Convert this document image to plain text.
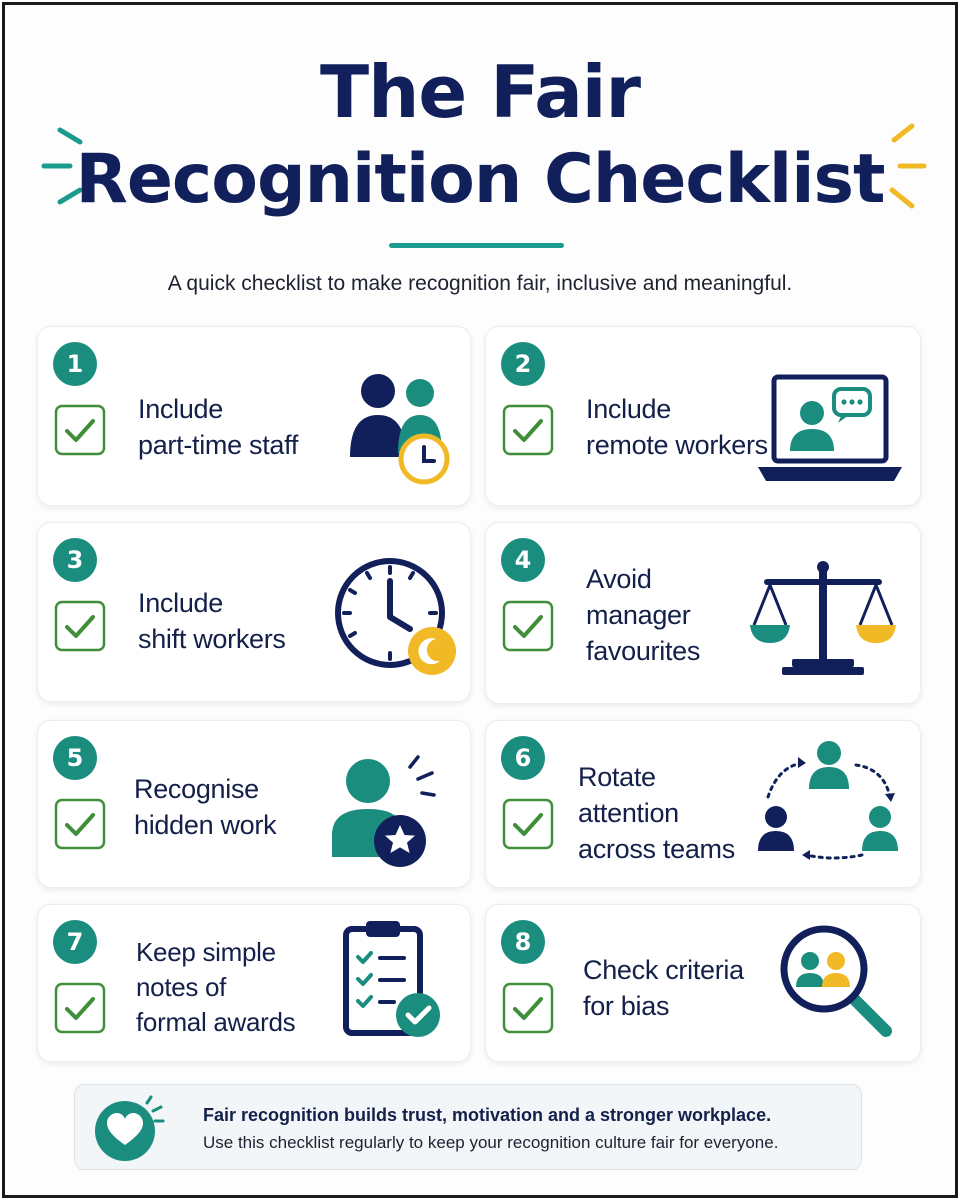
The Fair
Recognition Checklist
A quick checklist to make recognition fair, inclusive and meaningful.
1
Include
part-time staff
2
Include
remote workers
3
Include
shift workers
4
Avoid
manager
favourites
5
Recognise
hidden work
6
Rotate
attention
across teams
7	Keep simple
notes of
formal awards
8
Check criteria
for bias
Fair recognition builds trust, motivation and a stronger workplace.
Use this checklist regularly to keep your recognition culture fair for everyone.
